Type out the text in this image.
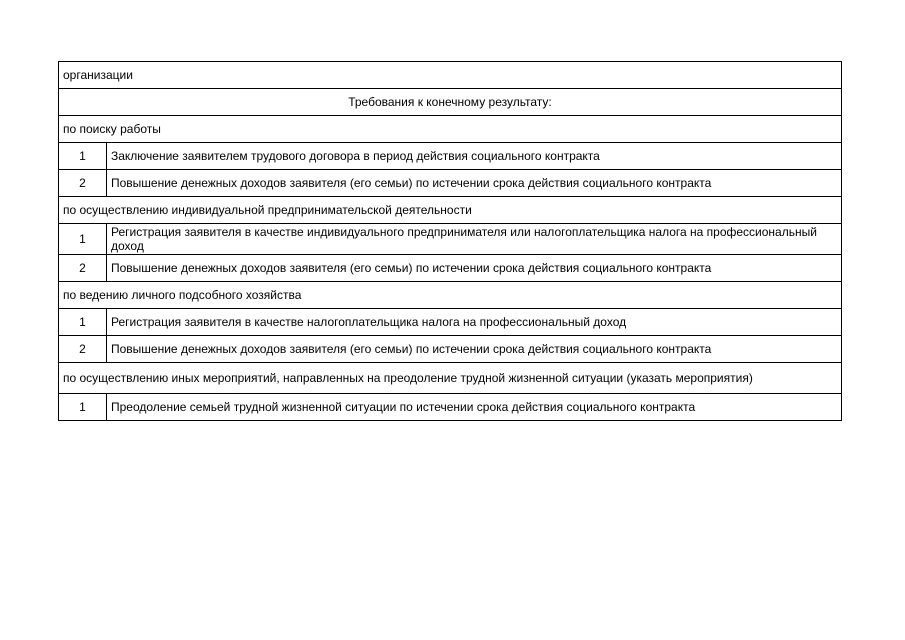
организации	
Требования к конечному результату:	
по поиску работы	
1	Заключение заявителем трудового договора в период действия социального контракта
2	Повышение денежных доходов заявителя (его семьи) по истечении срока действия социального контракта
по осуществлению индивидуальной предпринимательской деятельности	
1	Регистрация заявителя в качестве индивидуального предпринимателя или налогоплательщика налога на профессиональный доход
2	Повышение денежных доходов заявителя (его семьи) по истечении срока действия социального контракта
по ведению личного подсобного хозяйства	
1	Регистрация заявителя в качестве налогоплательщика налога на профессиональный доход
2	Повышение денежных доходов заявителя (его семьи) по истечении срока действия социального контракта
по осуществлению иных мероприятий, направленных на преодоление трудной жизненной ситуации (указать мероприятия)	
1	Преодоление семьей трудной жизненной ситуации по истечении срока действия социального контракта
